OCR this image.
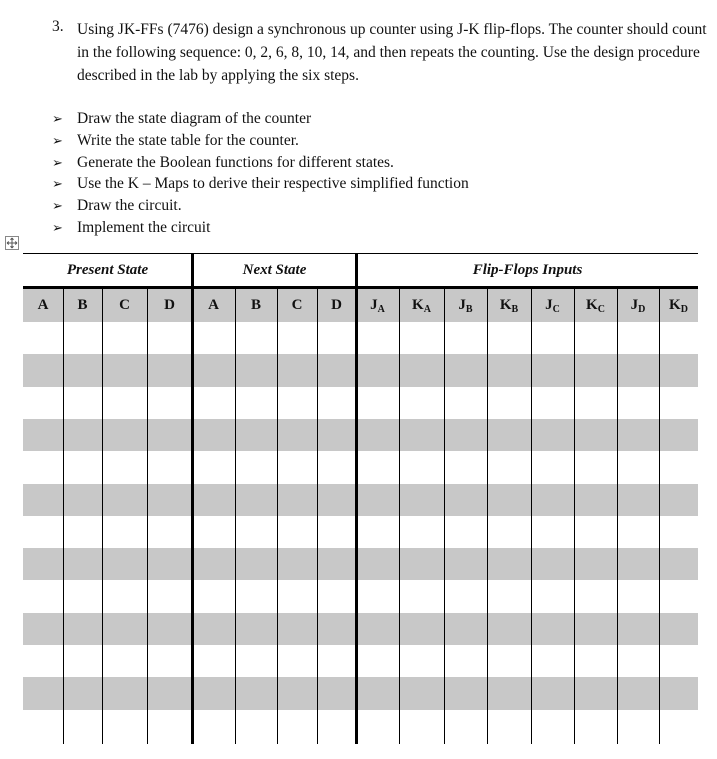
3. Using JK-FFs (7476) design a synchronous up counter using J-K flip-flops. The counter should count in the following sequence: 0, 2, 6, 8, 10, 14, and then repeats the counting. Use the design procedure described in the lab by applying the six steps.
➢ Draw the state diagram of the counter
➢ Write the state table for the counter.
➢ Generate the Boolean functions for different states.
➢ Use the K – Maps to derive their respective simplified function
➢ Draw the circuit.
➢ Implement the circuit
Present State	Next State	Flip-Flops Inputs
A	B	C	D	A	B	C	D	$J_A$	$K_A$	$J_B$	$K_B$	$J_C$	$K_C$	$J_D$	$K_D$
